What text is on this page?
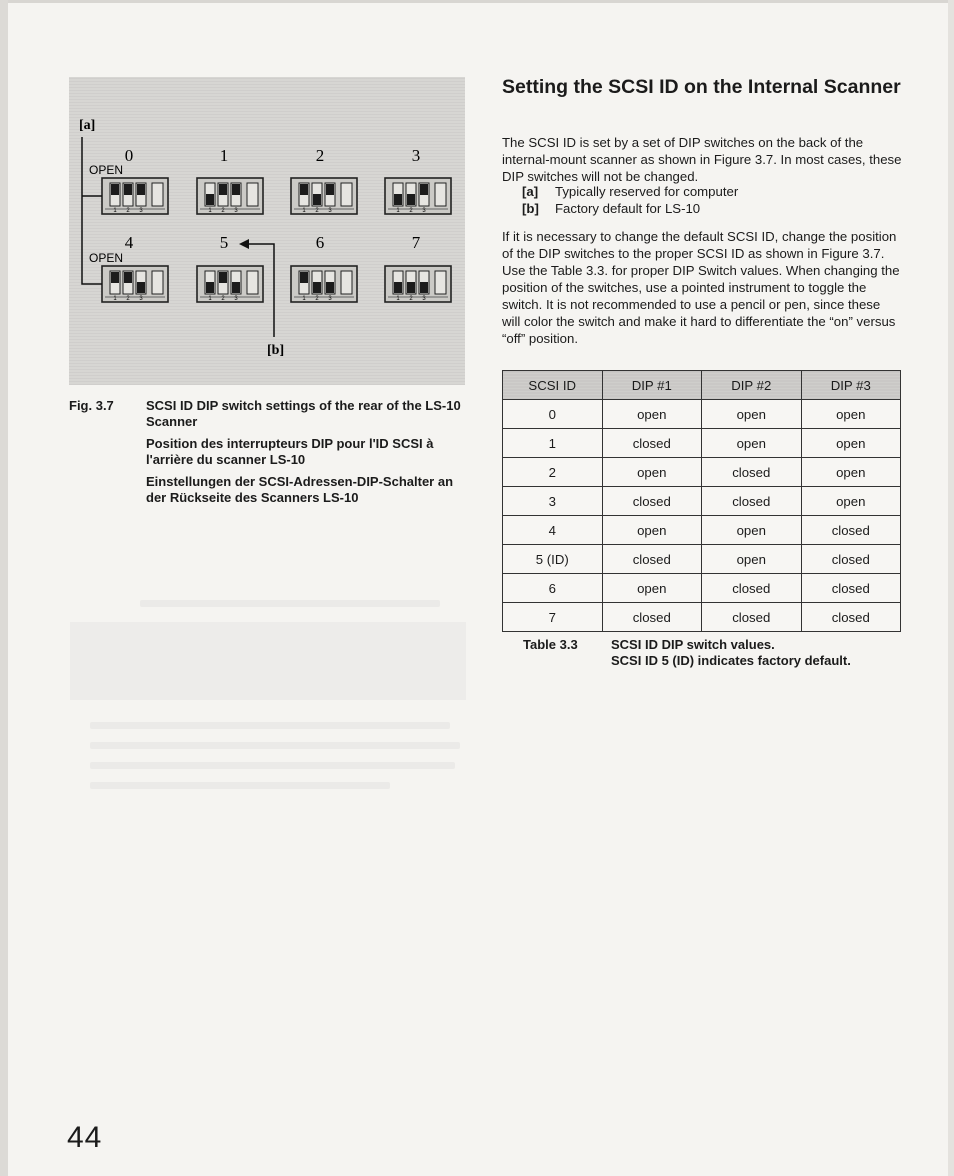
[a]
[b]
OPEN
OPEN
0	1	2	3
4	5	6	7
1 2 3	1 2 3	1 2 3	1 2 3
1 2 3	1 2 3	1 2 3	1 2 3
Fig. 3.7 SCSI ID DIP switch settings of the rear of the LS-10 Scanner

Position des interrupteurs DIP pour l'ID SCSI à l'arrière du scanner LS-10

Einstellungen der SCSI-Adressen-DIP-Schalter an der Rückseite des Scanners LS-10

Setting the SCSI ID on the Internal Scanner

The SCSI ID is set by a set of DIP switches on the back of the internal-mount scanner as shown in Figure 3.7. In most cases, these DIP switches will not be changed.

[a] Typically reserved for computer
[b] Factory default for LS-10

If it is necessary to change the default SCSI ID, change the position of the DIP switches to the proper SCSI ID as shown in Figure 3.7. Use the Table 3.3. for proper DIP Switch values. When changing the position of the switches, use a pointed instrument to toggle the switch. It is not recommended to use a pencil or pen, since these will color the switch and make it hard to differentiate the “on” versus “off” position.

SCSI ID	DIP #1	DIP #2	DIP #3
0	open	open	open
1	closed	open	open
2	open	closed	open
3	closed	closed	open
4	open	open	closed
5 (ID)	closed	open	closed
6	open	closed	closed
7	closed	closed	closed
Table 3.3	SCSI ID DIP switch values.
SCSI ID 5 (ID) indicates factory default.
44
